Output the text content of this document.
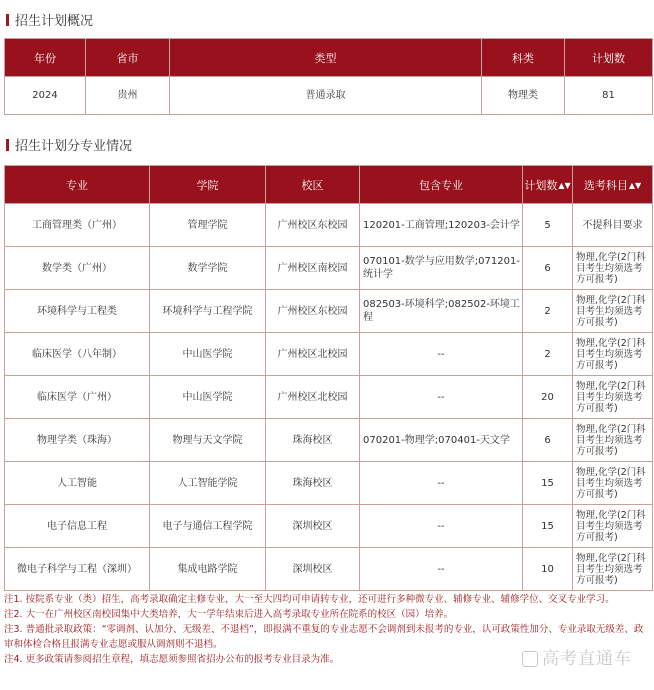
招生计划概况
年份	省市	类型	科类	计划数
2024	贵州	普通录取	物理类	81
招生计划分专业情况
专业	学院	校区	包含专业	计划数▲▼	选考科目▲▼
工商管理类（广州）	管理学院	广州校区东校园	120201-工商管理;120203-会计学	5	不提科目要求
数学类（广州）	数学学院	广州校区南校园	070101-数学与应用数学;071201-统计学	6	物理,化学(2门科目考生均须选考方可报考)
环境科学与工程类	环境科学与工程学院	广州校区东校园	082503-环境科学;082502-环境工程	2	物理,化学(2门科目考生均须选考方可报考)
临床医学（八年制）	中山医学院	广州校区北校园	--	2	物理,化学(2门科目考生均须选考方可报考)
临床医学（广州）	中山医学院	广州校区北校园	--	20	物理,化学(2门科目考生均须选考方可报考)
物理学类（珠海）	物理与天文学院	珠海校区	070201-物理学;070401-天文学	6	物理,化学(2门科目考生均须选考方可报考)
人工智能	人工智能学院	珠海校区	--	15	物理,化学(2门科目考生均须选考方可报考)
电子信息工程	电子与通信工程学院	深圳校区	--	15	物理,化学(2门科目考生均须选考方可报考)
微电子科学与工程（深圳）	集成电路学院	深圳校区	--	10	物理,化学(2门科目考生均须选考方可报考)
注1. 按院系专业（类）招生，高考录取确定主修专业，大一至大四均可申请转专业，还可进行多种微专业、辅修专业、辅修学位、交叉专业学习。
注2. 大一在广州校区南校园集中大类培养，大一学年结束后进入高考录取专业所在院系的校区（园）培养。
注3. 普通批录取政策：“零调剂、认加分、无级差、不退档”，即报满不重复的专业志愿不会调剂到未报考的专业，认可政策性加分、专业录取无级差、政审和体检合格且报满专业志愿或服从调剂则不退档。
注4. 更多政策请参阅招生章程，填志愿须参照省招办公布的报考专业目录为准。	高考直通车
